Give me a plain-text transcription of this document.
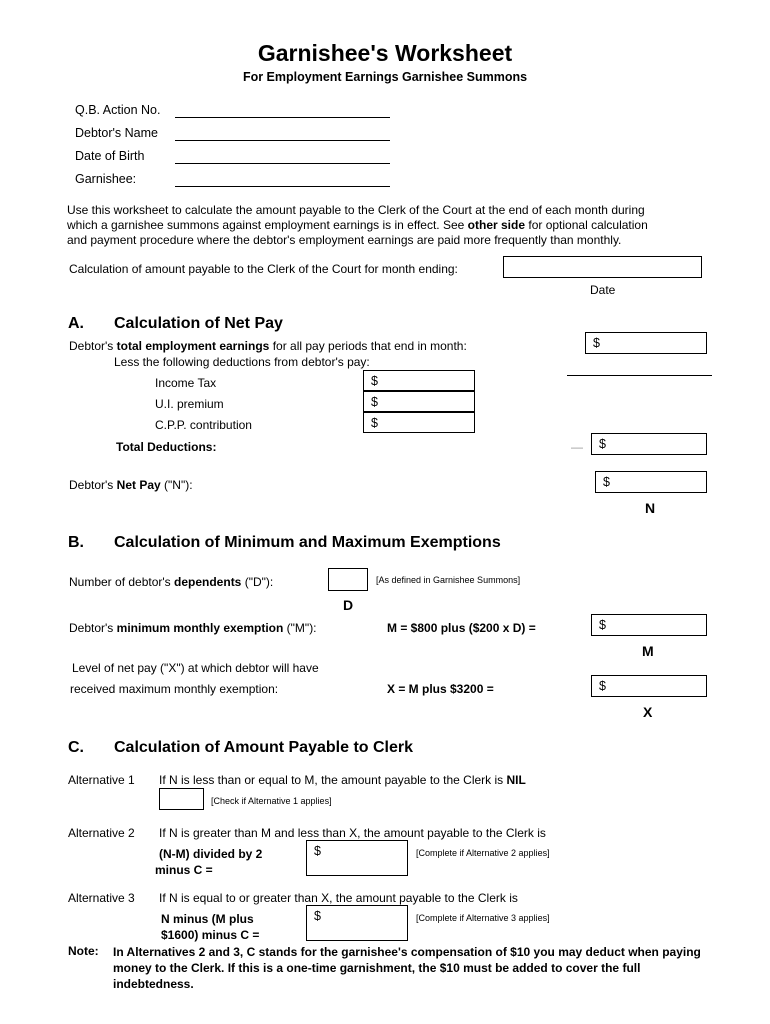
Garnishee's Worksheet
For Employment Earnings Garnishee Summons
Q.B. Action No.
Debtor's Name
Date of Birth
Garnishee:
Use this worksheet to calculate the amount payable to the Clerk of the Court at the end of each month during
which a garnishee summons against employment earnings is in effect. See other side for optional calculation
and payment procedure where the debtor's employment earnings are paid more frequently than monthly.
Calculation of amount payable to the Clerk of the Court for month ending:
Date
A. Calculation of Net Pay
Debtor's total employment earnings for all pay periods that end in month:	$
Less the following deductions from debtor's pay:
Income Tax	$
U.I. premium	$
C.P.P. contribution	$
Total Deductions:	—	$
Debtor's Net Pay ("N"):	$
N
B. Calculation of Minimum and Maximum Exemptions
Number of debtor's dependents ("D"):	[As defined in Garnishee Summons]
D
Debtor's minimum monthly exemption ("M"):	M = $800 plus ($200 x D) =	$
M
Level of net pay ("X") at which debtor will have
received maximum monthly exemption:	X = M plus $3200 =	$
X
C. Calculation of Amount Payable to Clerk
Alternative 1 If N is less than or equal to M, the amount payable to the Clerk is NIL
[Check if Alternative 1 applies]
Alternative 2 If N is greater than M and less than X, the amount payable to the Clerk is
(N-M) divided by 2
minus C =
$	[Complete if Alternative 2 applies]
Alternative 3 If N is equal to or greater than X, the amount payable to the Clerk is
N minus (M plus
$1600) minus C =
$	[Complete if Alternative 3 applies]
Note: In Alternatives 2 and 3, C stands for the garnishee's compensation of $10 you may deduct when paying money to the Clerk. If this is a one-time garnishment, the $10 must be added to cover the full indebtedness.
